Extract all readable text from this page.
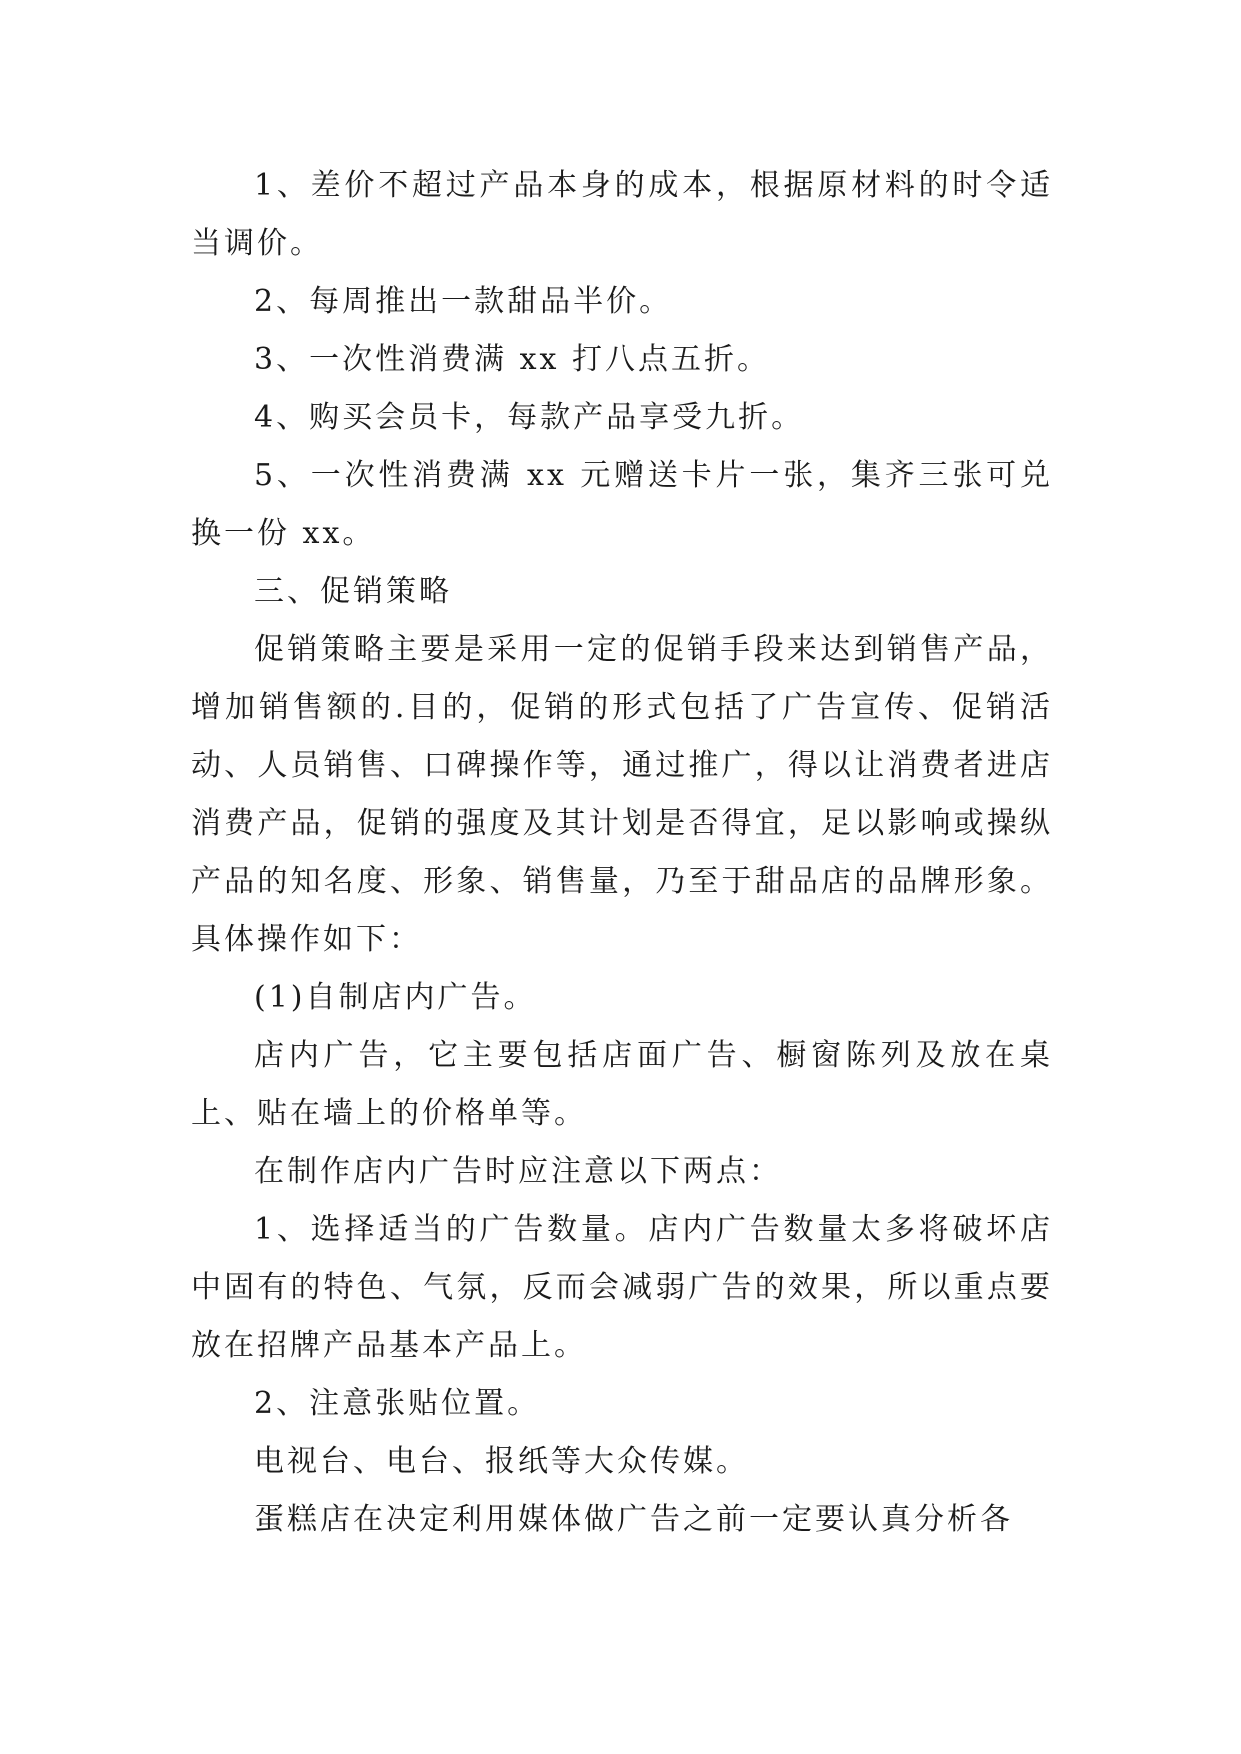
1、差价不超过产品本身的成本，根据原材料的时令适当调价。

2、每周推出一款甜品半价。

3、一次性消费满 xx 打八点五折。

4、购买会员卡，每款产品享受九折。

5、一次性消费满 xx 元赠送卡片一张，集齐三张可兑换一份 xx。

三、促销策略

促销策略主要是采用一定的促销手段来达到销售产品，增加销售额的.目的，促销的形式包括了广告宣传、促销活动、人员销售、口碑操作等，通过推广，得以让消费者进店消费产品，促销的强度及其计划是否得宜，足以影响或操纵产品的知名度、形象、销售量，乃至于甜品店的品牌形象。具体操作如下：

(1)自制店内广告。

店内广告，它主要包括店面广告、橱窗陈列及放在桌上、贴在墙上的价格单等。

在制作店内广告时应注意以下两点：

1、选择适当的广告数量。店内广告数量太多将破坏店中固有的特色、气氛，反而会减弱广告的效果，所以重点要放在招牌产品基本产品上。

2、注意张贴位置。

电视台、电台、报纸等大众传媒。

蛋糕店在决定利用媒体做广告之前一定要认真分析各
